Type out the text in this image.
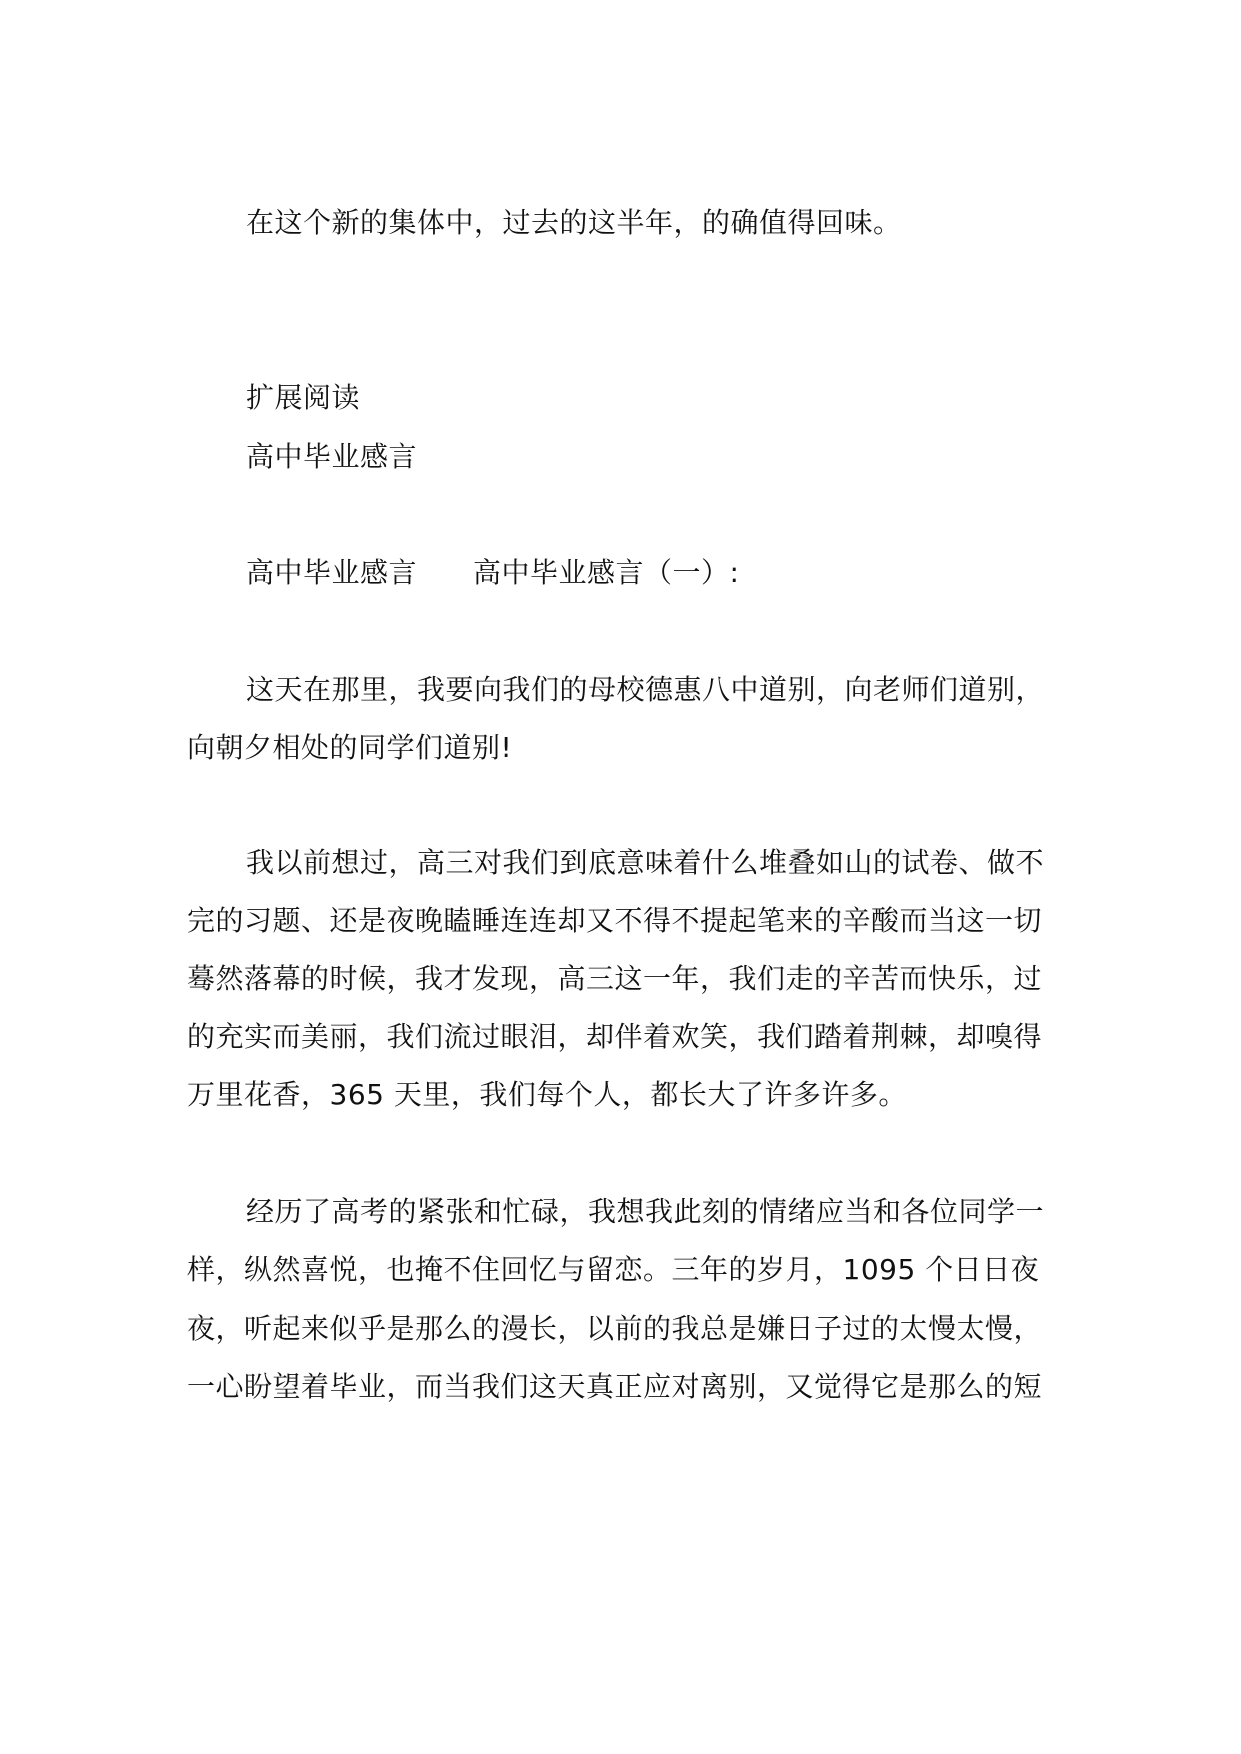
在这个新的集体中，过去的这半年，的确值得回味。
扩展阅读
高中毕业感言
高中毕业感言 高中毕业感言（一）:
这天在那里，我要向我们的母校德惠八中道别，向老师们道别，
向朝夕相处的同学们道别!
我以前想过，高三对我们到底意味着什么堆叠如山的试卷、做不
完的习题、还是夜晚瞌睡连连却又不得不提起笔来的辛酸而当这一切
蓦然落幕的时候，我才发现，高三这一年，我们走的辛苦而快乐，过
的充实而美丽，我们流过眼泪，却伴着欢笑，我们踏着荆棘，却嗅得
万里花香，365 天里，我们每个人，都长大了许多许多。
经历了高考的紧张和忙碌，我想我此刻的情绪应当和各位同学一
样，纵然喜悦，也掩不住回忆与留恋。三年的岁月，1095 个日日夜
夜，听起来似乎是那么的漫长，以前的我总是嫌日子过的太慢太慢，
一心盼望着毕业，而当我们这天真正应对离别，又觉得它是那么的短
